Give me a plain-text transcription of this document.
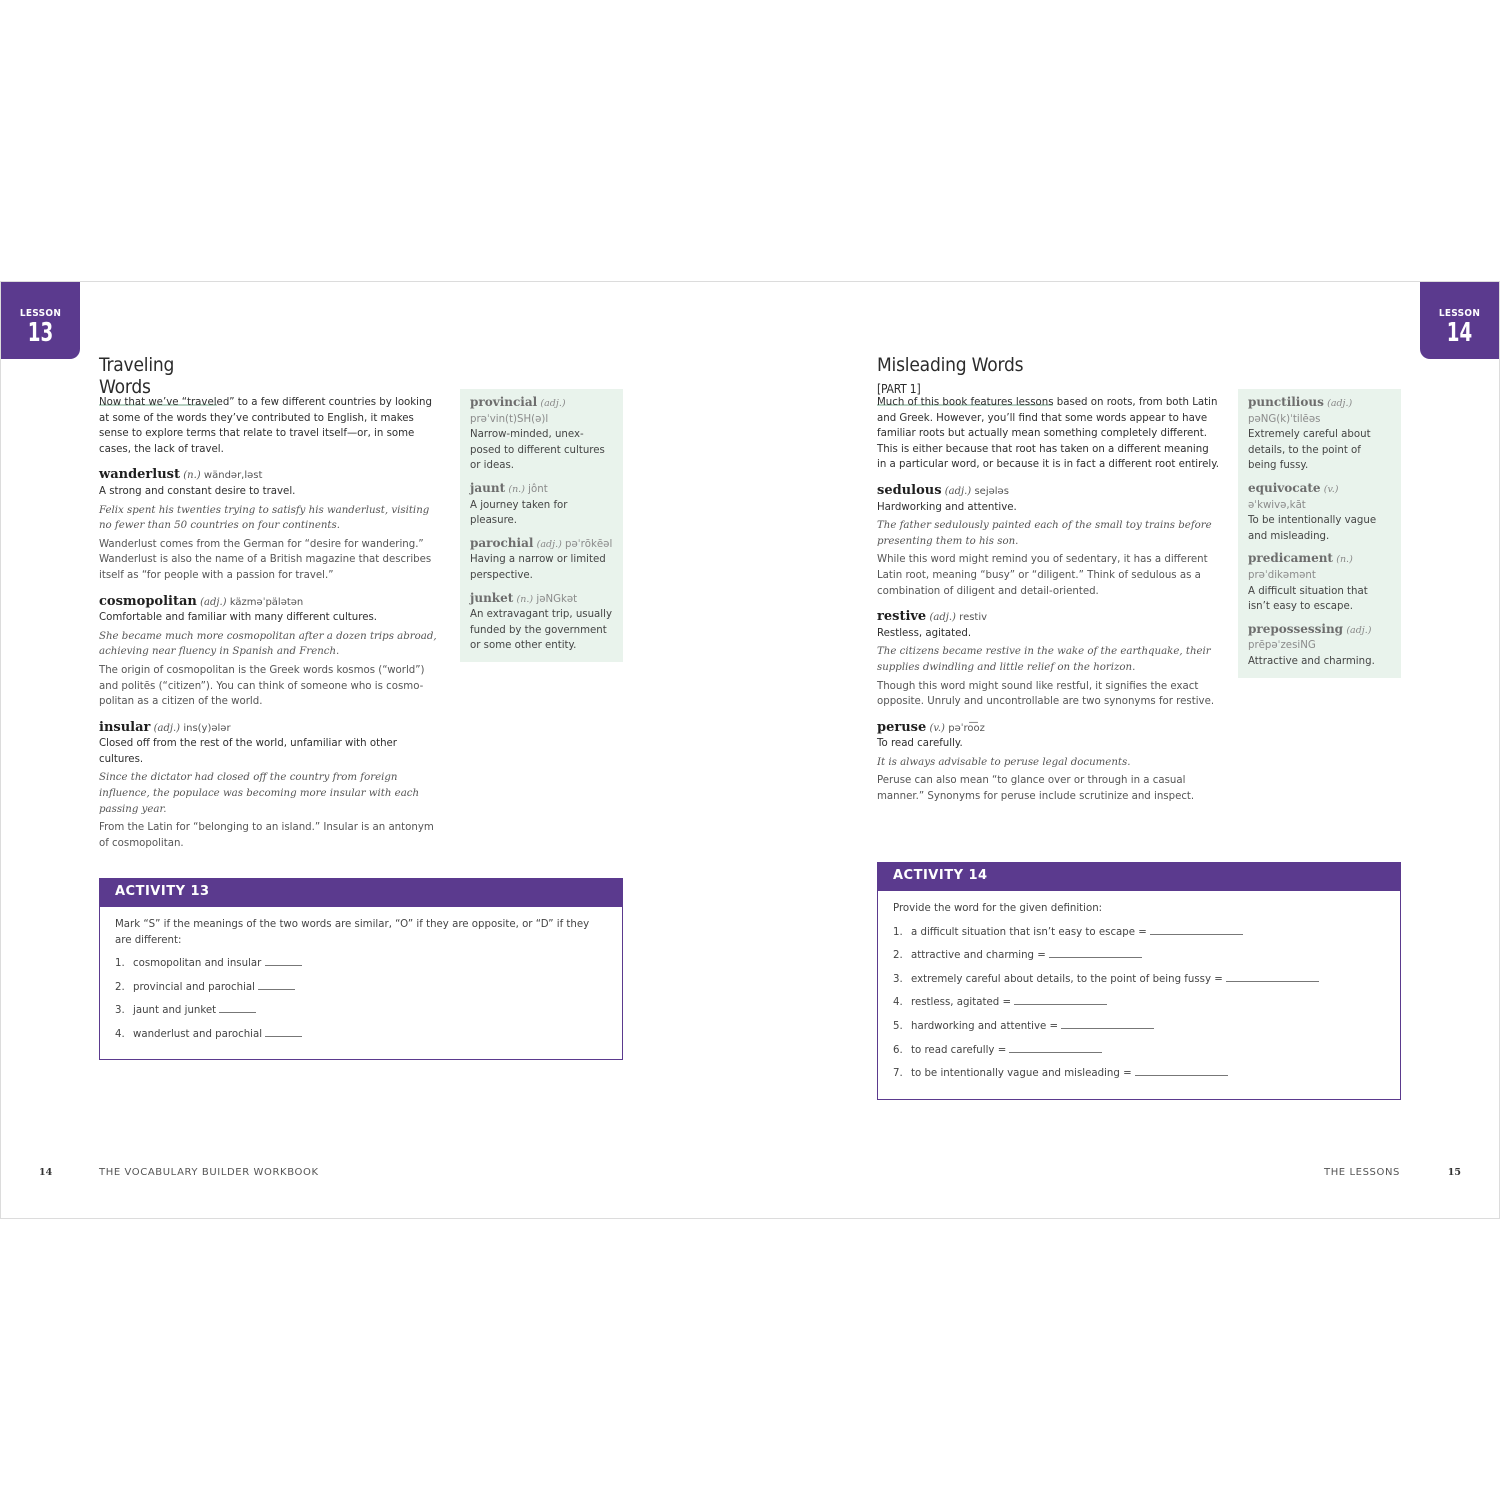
LESSON
13
Traveling Words

Now that we’ve “traveled” to a few different countries by looking at some of the words they’ve contributed to English, it makes sense to explore terms that relate to travel itself—or, in some cases, the lack of travel.

wanderlust (n.) wändər,ləst
A strong and constant desire to travel.
Felix spent his twenties trying to satisfy his wanderlust, visiting no fewer than 50 countries on four continents.
Wanderlust comes from the German for “desire for wandering.” Wanderlust is also the name of a British magazine that describes itself as “for people with a passion for travel.”
cosmopolitan (adj.) käzməˈpälətən
Comfortable and familiar with many different cultures.
She became much more cosmopolitan after a dozen trips abroad, achieving near fluency in Spanish and French.
The origin of cosmopolitan is the Greek words kosmos (“world”) and politēs (“citizen”). You can think of someone who is cosmo-politan as a citizen of the world.
insular (adj.) ins(y)ələr
Closed off from the rest of the world, unfamiliar with other cultures.
Since the dictator had closed off the country from foreign influence, the populace was becoming more insular with each passing year.
From the Latin for “belonging to an island.” Insular is an antonym of cosmopolitan.
provincial (adj.)
prəˈvin(t)SH(ə)l
Narrow-minded, unex-posed to different cultures or ideas.
jaunt (n.) jônt
A journey taken for pleasure.
parochial (adj.) pəˈrōkēəl
Having a narrow or limited perspective.
junket (n.) jəNGkət
An extravagant trip, usually funded by the government or some other entity.
ACTIVITY 13
Mark “S” if the meanings of the two words are similar, “O” if they are opposite, or “D” if they are different:
1. cosmopolitan and insular
2. provincial and parochial
3. jaunt and junket
4. wanderlust and parochial
14	THE VOCABULARY BUILDER WORKBOOK
LESSON
14
Misleading Words [PART 1]

Much of this book features lessons based on roots, from both Latin and Greek. However, you’ll find that some words appear to have familiar roots but actually mean something completely different. This is either because that root has taken on a different meaning in a particular word, or because it is in fact a different root entirely.

sedulous (adj.) sejələs
Hardworking and attentive.
The father sedulously painted each of the small toy trains before presenting them to his son.
While this word might remind you of sedentary, it has a different Latin root, meaning “busy” or “diligent.” Think of sedulous as a combination of diligent and detail-oriented.
restive (adj.) restiv
Restless, agitated.
The citizens became restive in the wake of the earthquake, their supplies dwindling and little relief on the horizon.
Though this word might sound like restful, it signifies the exact opposite. Unruly and uncontrollable are two synonyms for restive.
peruse (v.) pəˈro͞oz
To read carefully.
It is always advisable to peruse legal documents.
Peruse can also mean “to glance over or through in a casual manner.” Synonyms for peruse include scrutinize and inspect.
punctilious (adj.)
pəNG(k)ˈtilēəs
Extremely careful about details, to the point of being fussy.
equivocate (v.)
əˈkwivə,kāt
To be intentionally vague and misleading.
predicament (n.)
prəˈdikəmənt
A difficult situation that isn’t easy to escape.
prepossessing (adj.)
prēpəˈzesiNG
Attractive and charming.
ACTIVITY 14
Provide the word for the given definition:
1. a difficult situation that isn’t easy to escape =
2. attractive and charming =
3. extremely careful about details, to the point of being fussy =
4. restless, agitated =
5. hardworking and attentive =
6. to read carefully =
7. to be intentionally vague and misleading =
THE LESSONS	15
